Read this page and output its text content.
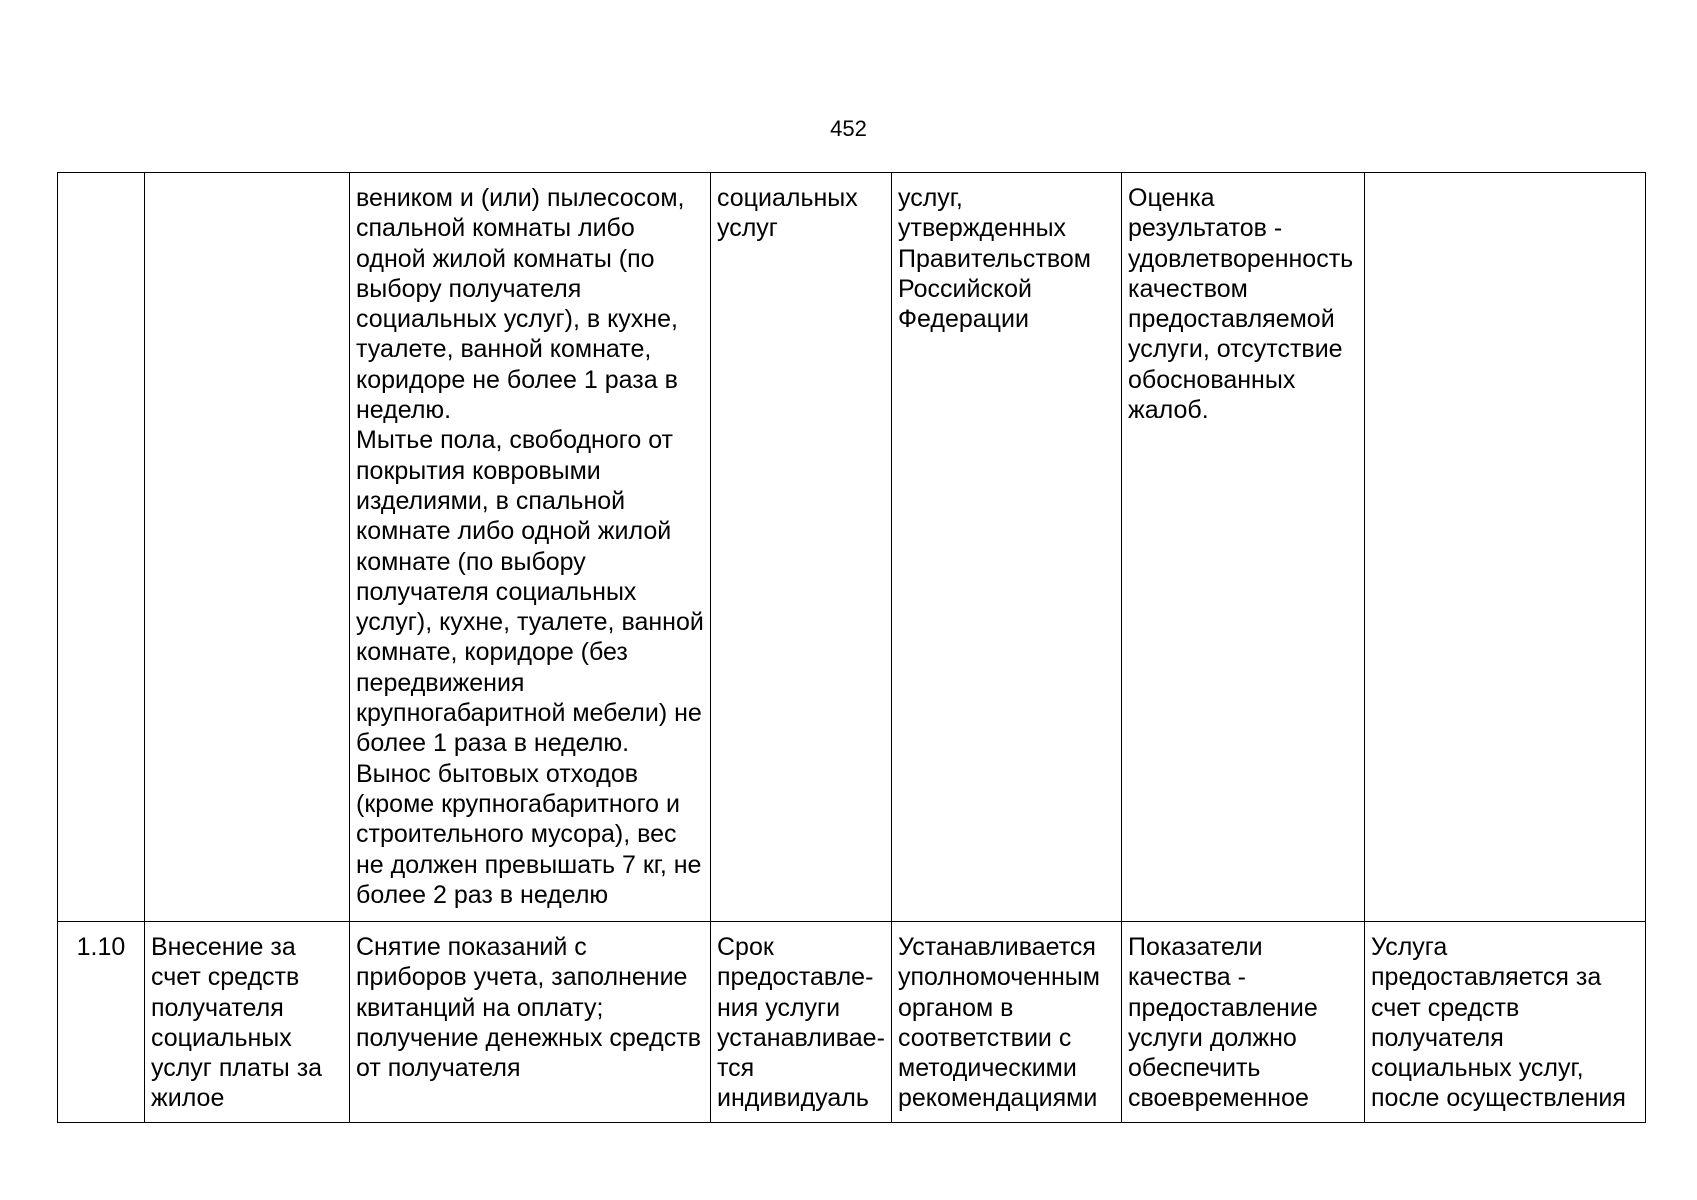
452
		веником и (или) пылесосом, спальной комнаты либо одной жилой комнаты (по выбору получателя социальных услуг), в кухне, туалете, ванной комнате, коридоре не более 1 раза в неделю.
Мытье пола, свободного от покрытия ковровыми изделиями, в спальной комнате либо одной жилой комнате (по выбору получателя социальных услуг), кухне, туалете, ванной комнате, коридоре (без передвижения крупногабаритной мебели) не более 1 раза в неделю.
Вынос бытовых отходов (кроме крупногабаритного и строительного мусора), вес не должен превышать 7 кг, не более 2 раз в неделю	социальных услуг	услуг, утвержденных Правительством Российской Федерации	Оценка результатов - удовлетворенность качеством предоставляемой услуги, отсутствие обоснованных жалоб.	
1.10	Внесение за счет средств получателя социальных услуг платы за жилое	Снятие показаний с приборов учета, заполнение квитанций на оплату;
получение денежных средств от получателя	Срок предоставления услуги устанавливается индивидуаль	Устанавливается уполномоченным органом в соответствии с методическими рекомендациями	Показатели качества - предоставление услуги должно обеспечить своевременное	Услуга предоставляется за счет средств получателя социальных услуг, после осуществления
